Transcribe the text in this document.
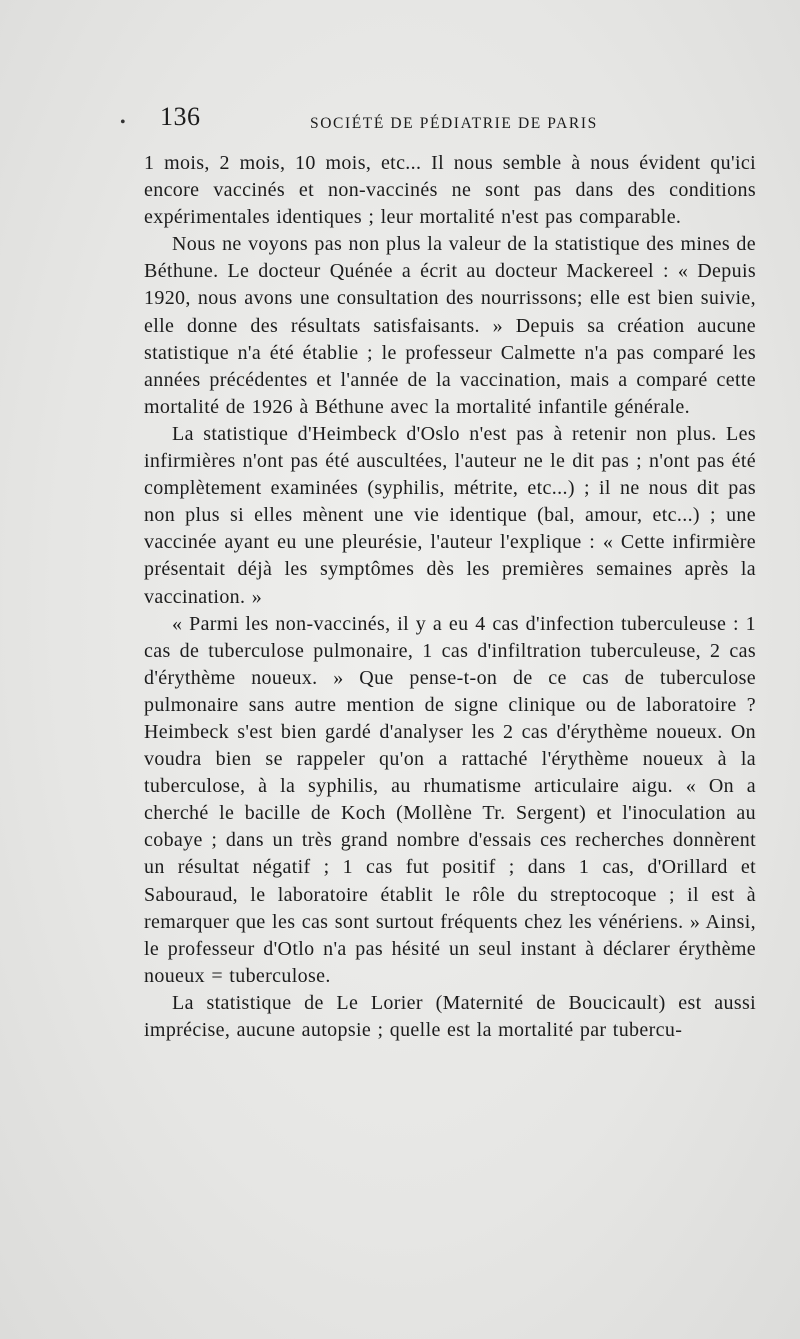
• 136	SOCIÉTÉ DE PÉDIATRIE DE PARIS

1 mois, 2 mois, 10 mois, etc... Il nous semble à nous évident qu'ici encore vaccinés et non-vaccinés ne sont pas dans des conditions expérimentales identiques ; leur mortalité n'est pas comparable.

Nous ne voyons pas non plus la valeur de la statistique des mines de Béthune. Le docteur Quénée a écrit au docteur Mackereel : « Depuis 1920, nous avons une consultation des nourrissons; elle est bien suivie, elle donne des résultats satisfaisants. » Depuis sa création aucune statistique n'a été établie ; le professeur Calmette n'a pas comparé les années précédentes et l'année de la vaccination, mais a comparé cette mortalité de 1926 à Béthune avec la mortalité infantile générale.

La statistique d'Heimbeck d'Oslo n'est pas à retenir non plus. Les infirmières n'ont pas été auscultées, l'auteur ne le dit pas ; n'ont pas été complètement examinées (syphilis, métrite, etc...) ; il ne nous dit pas non plus si elles mènent une vie identique (bal, amour, etc...) ; une vaccinée ayant eu une pleurésie, l'auteur l'explique : « Cette infirmière présentait déjà les symptômes dès les premières semaines après la vaccination. »

« Parmi les non-vaccinés, il y a eu 4 cas d'infection tuberculeuse : 1 cas de tuberculose pulmonaire, 1 cas d'infiltration tuberculeuse, 2 cas d'érythème noueux. » Que pense-t-on de ce cas de tuberculose pulmonaire sans autre mention de signe clinique ou de laboratoire ? Heimbeck s'est bien gardé d'analyser les 2 cas d'érythème noueux. On voudra bien se rappeler qu'on a rattaché l'érythème noueux à la tuberculose, à la syphilis, au rhumatisme articulaire aigu. « On a cherché le bacille de Koch (Mollène Tr. Sergent) et l'inoculation au cobaye ; dans un très grand nombre d'essais ces recherches donnèrent un résultat négatif ; 1 cas fut positif ; dans 1 cas, d'Orillard et Sabouraud, le laboratoire établit le rôle du streptocoque ; il est à remarquer que les cas sont surtout fréquents chez les vénériens. » Ainsi, le professeur d'Otlo n'a pas hésité un seul instant à déclarer érythème noueux = tuberculose.

La statistique de Le Lorier (Maternité de Boucicault) est aussi imprécise, aucune autopsie ; quelle est la mortalité par tubercu-
